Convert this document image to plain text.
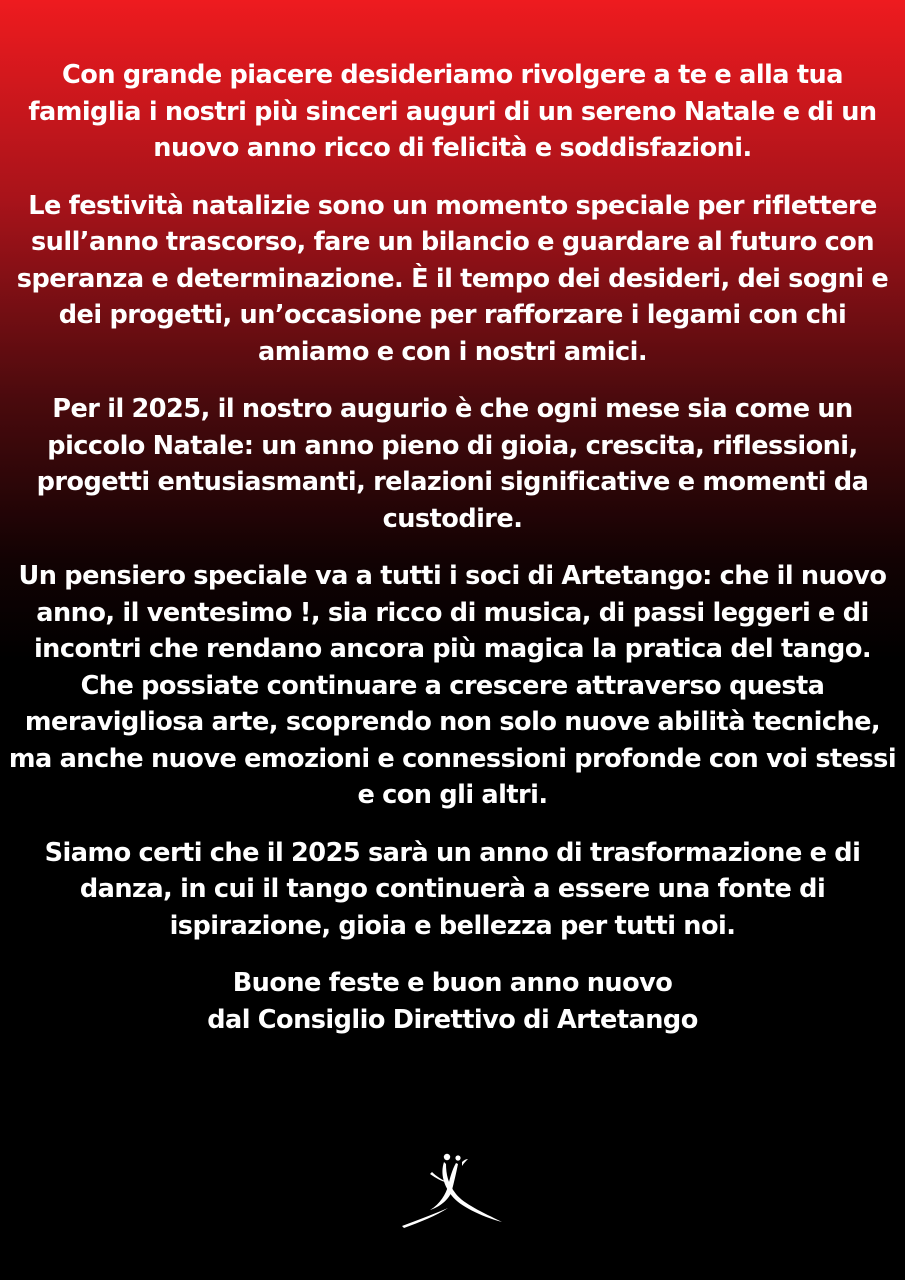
Con grande piacere desideriamo rivolgere a te e alla tua famiglia i nostri più sinceri auguri di un sereno Natale e di un nuovo anno ricco di felicità e soddisfazioni.

Le festività natalizie sono un momento speciale per riflettere sull’anno trascorso, fare un bilancio e guardare al futuro con speranza e determinazione. È il tempo dei desideri, dei sogni e dei progetti, un’occasione per rafforzare i legami con chi amiamo e con i nostri amici.

Per il 2025, il nostro augurio è che ogni mese sia come un piccolo Natale: un anno pieno di gioia, crescita, riflessioni, progetti entusiasmanti, relazioni significative e momenti da custodire.

Un pensiero speciale va a tutti i soci di Artetango: che il nuovo anno, il ventesimo !, sia ricco di musica, di passi leggeri e di incontri che rendano ancora più magica la pratica del tango. Che possiate continuare a crescere attraverso questa meravigliosa arte, scoprendo non solo nuove abilità tecniche, ma anche nuove emozioni e connessioni profonde con voi stessi e con gli altri.

Siamo certi che il 2025 sarà un anno di trasformazione e di danza, in cui il tango continuerà a essere una fonte di ispirazione, gioia e bellezza per tutti noi.

Buone feste e buon anno nuovo

dal Consiglio Direttivo di Artetango
